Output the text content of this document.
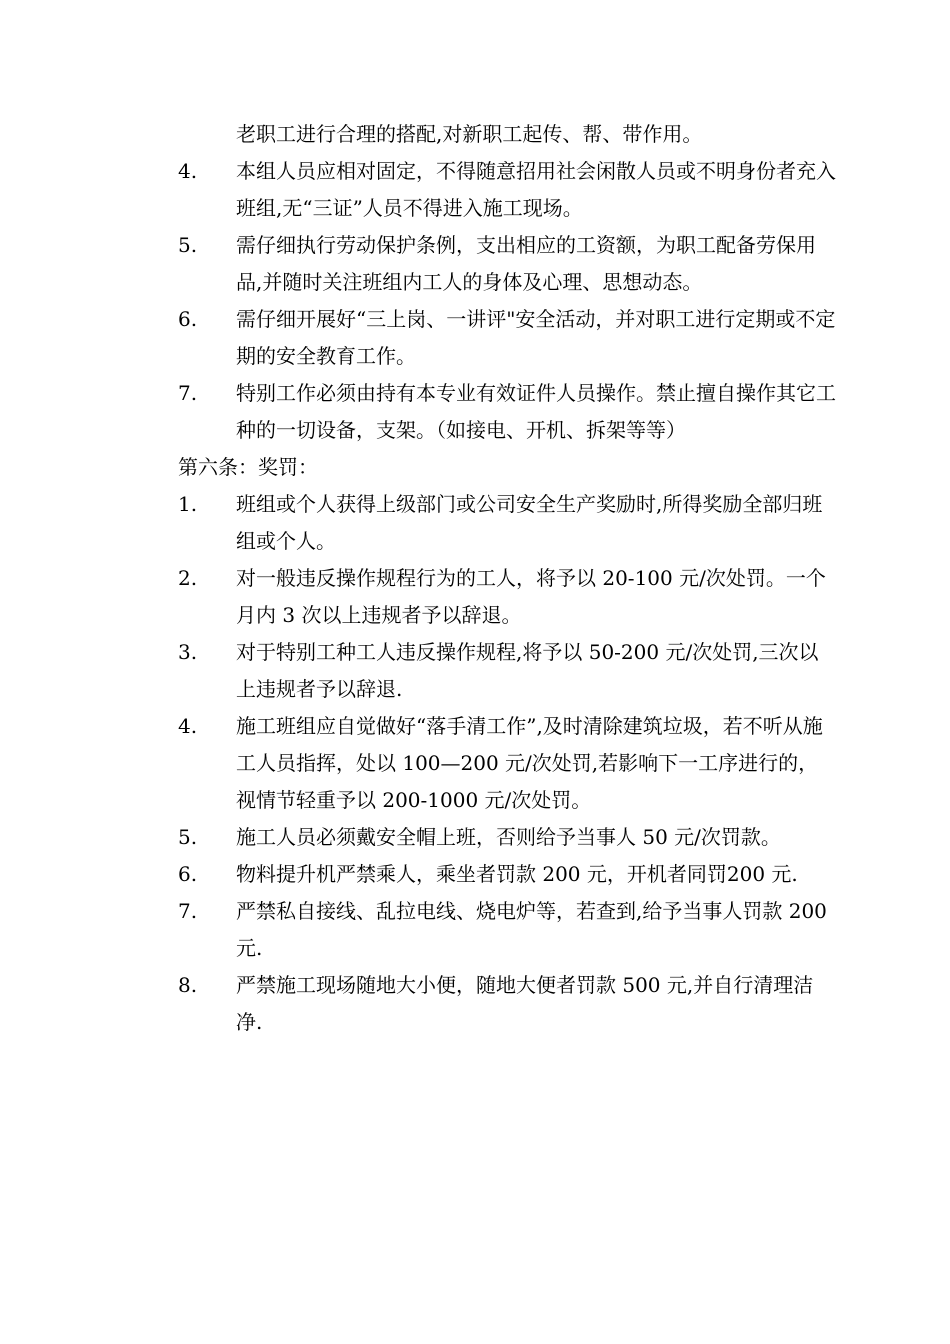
老职工进行合理的搭配,对新职工起传、帮、带作用。

4.	本组人员应相对固定，不得随意招用社会闲散人员或不明身份者充入班组,无“三证”人员不得进入施工现场。

5.	需仔细执行劳动保护条例，支出相应的工资额，为职工配备劳保用品,并随时关注班组内工人的身体及心理、思想动态。

6.	需仔细开展好“三上岗、一讲评"安全活动，并对职工进行定期或不定期的安全教育工作。

7.	特别工作必须由持有本专业有效证件人员操作。禁止擅自操作其它工种的一切设备，支架。（如接电、开机、拆架等等）

第六条：奖罚：

1.	班组或个人获得上级部门或公司安全生产奖励时,所得奖励全部归班组或个人。

2.	对一般违反操作规程行为的工人，将予以 20-100 元/次处罚。一个月内 3 次以上违规者予以辞退。

3.	对于特别工种工人违反操作规程,将予以 50-200 元/次处罚,三次以上违规者予以辞退.

4.	施工班组应自觉做好“落手清工作”,及时清除建筑垃圾，若不听从施工人员指挥，处以 100—200 元/次处罚,若影响下一工序进行的，视情节轻重予以 200-1000 元/次处罚。

5.	施工人员必须戴安全帽上班，否则给予当事人 50 元/次罚款。

6.	物料提升机严禁乘人，乘坐者罚款 200 元，开机者同罚200 元.

7.	严禁私自接线、乱拉电线、烧电炉等，若查到,给予当事人罚款 200 元.

8.	严禁施工现场随地大小便，随地大便者罚款 500 元,并自行清理洁净.
